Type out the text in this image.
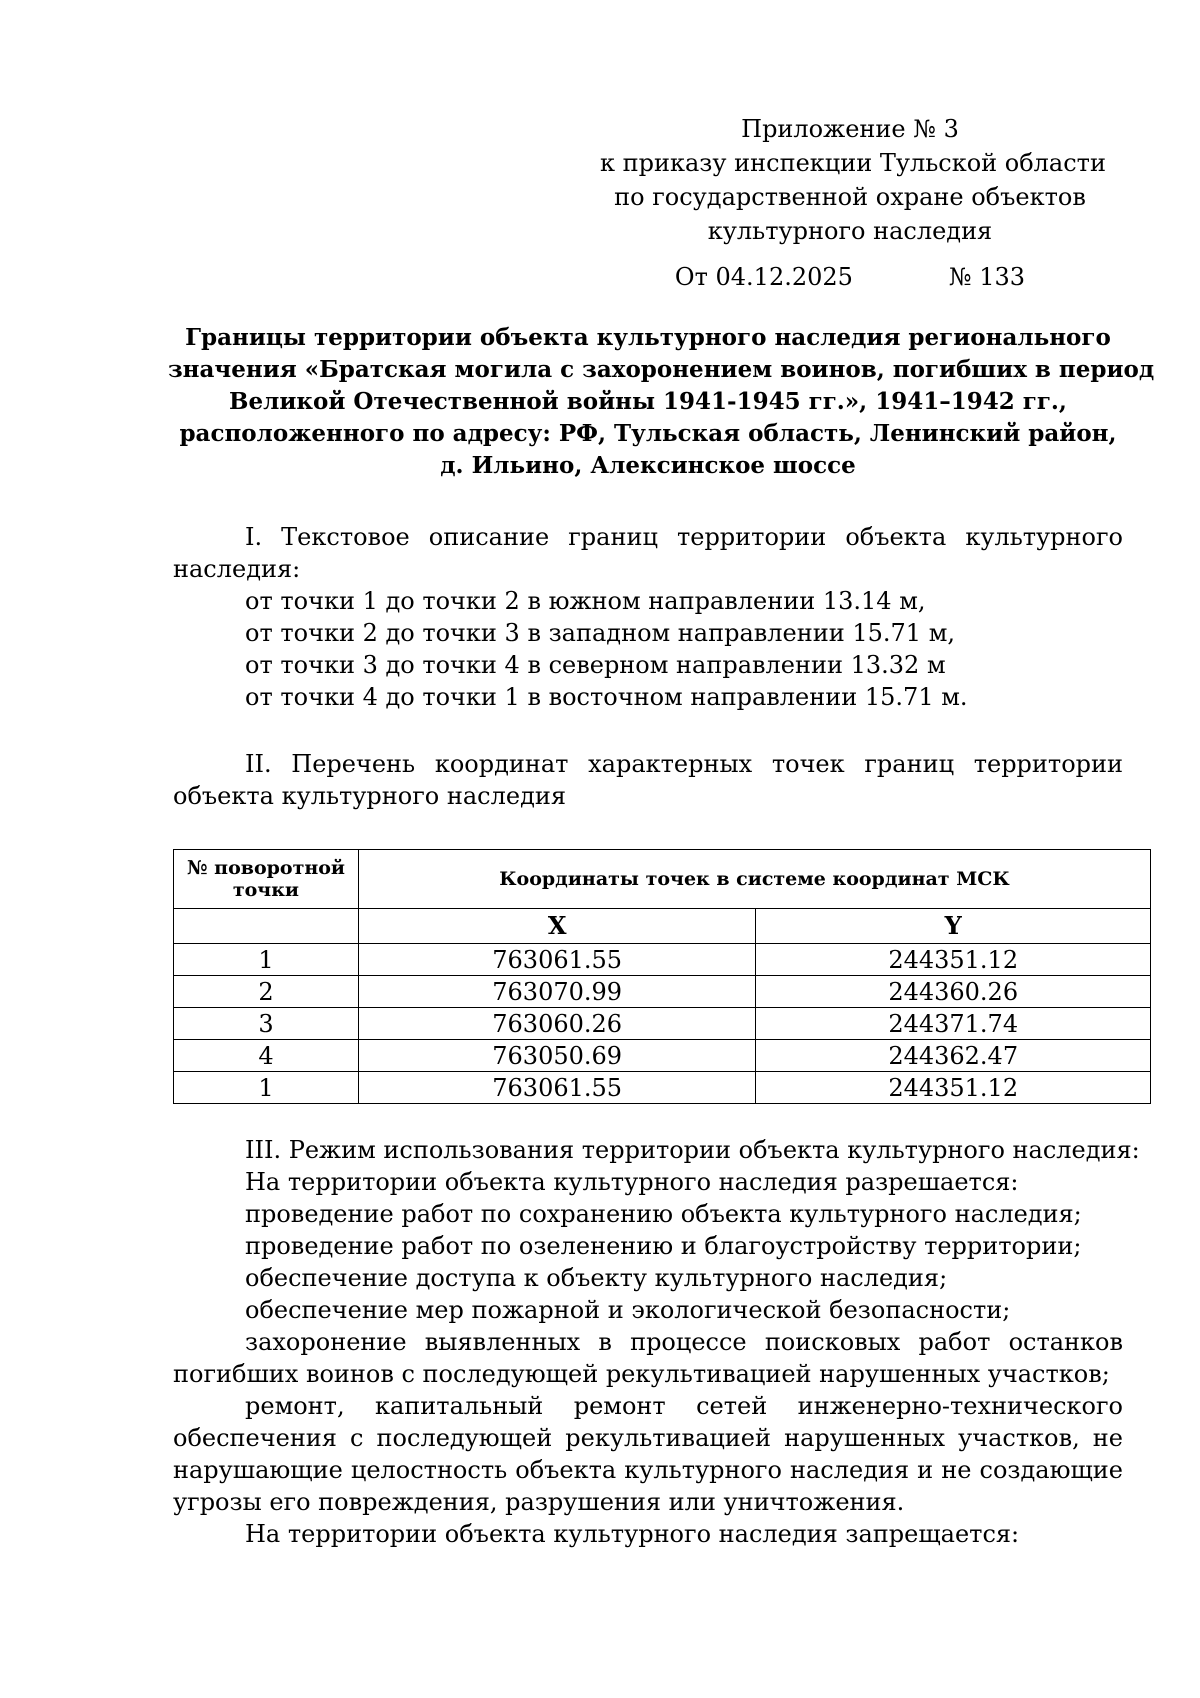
Приложение № 3
к приказу инспекции Тульской области
по государственной охране объектов
культурного наследия
От 04.12.2025	№ 133
Границы территории объекта культурного наследия регионального
значения «Братская могила с захоронением воинов, погибших в период
Великой Отечественной войны 1941-1945 гг.», 1941–1942 гг.,
расположенного по адресу: РФ, Тульская область, Ленинский район,
д. Ильино, Алексинское шоссе

I. Текстовое описание границ территории объекта культурного наследия:

от точки 1 до точки 2 в южном направлении 13.14 м,
от точки 2 до точки 3 в западном направлении 15.71 м,
от точки 3 до точки 4 в северном направлении 13.32 м
от точки 4 до точки 1 в восточном направлении 15.71 м.

II. Перечень координат характерных точек границ территории объекта культурного наследия

№ поворотной точки	Координаты точек в системе координат МСК	
	X	Y
1	763061.55	244351.12
2	763070.99	244360.26
3	763060.26	244371.74
4	763050.69	244362.47
1	763061.55	244351.12
III. Режим использования территории объекта культурного наследия:
На территории объекта культурного наследия разрешается:
проведение работ по сохранению объекта культурного наследия;
проведение работ по озеленению и благоустройству территории;
обеспечение доступа к объекту культурного наследия;
обеспечение мер пожарной и экологической безопасности;

захоронение выявленных в процессе поисковых работ останков погибших воинов с последующей рекультивацией нарушенных участков;

ремонт, капитальный ремонт сетей инженерно-технического обеспечения с последующей рекультивацией нарушенных участков, не нарушающие целостность объекта культурного наследия и не создающие угрозы его повреждения, разрушения или уничтожения.

На территории объекта культурного наследия запрещается:
